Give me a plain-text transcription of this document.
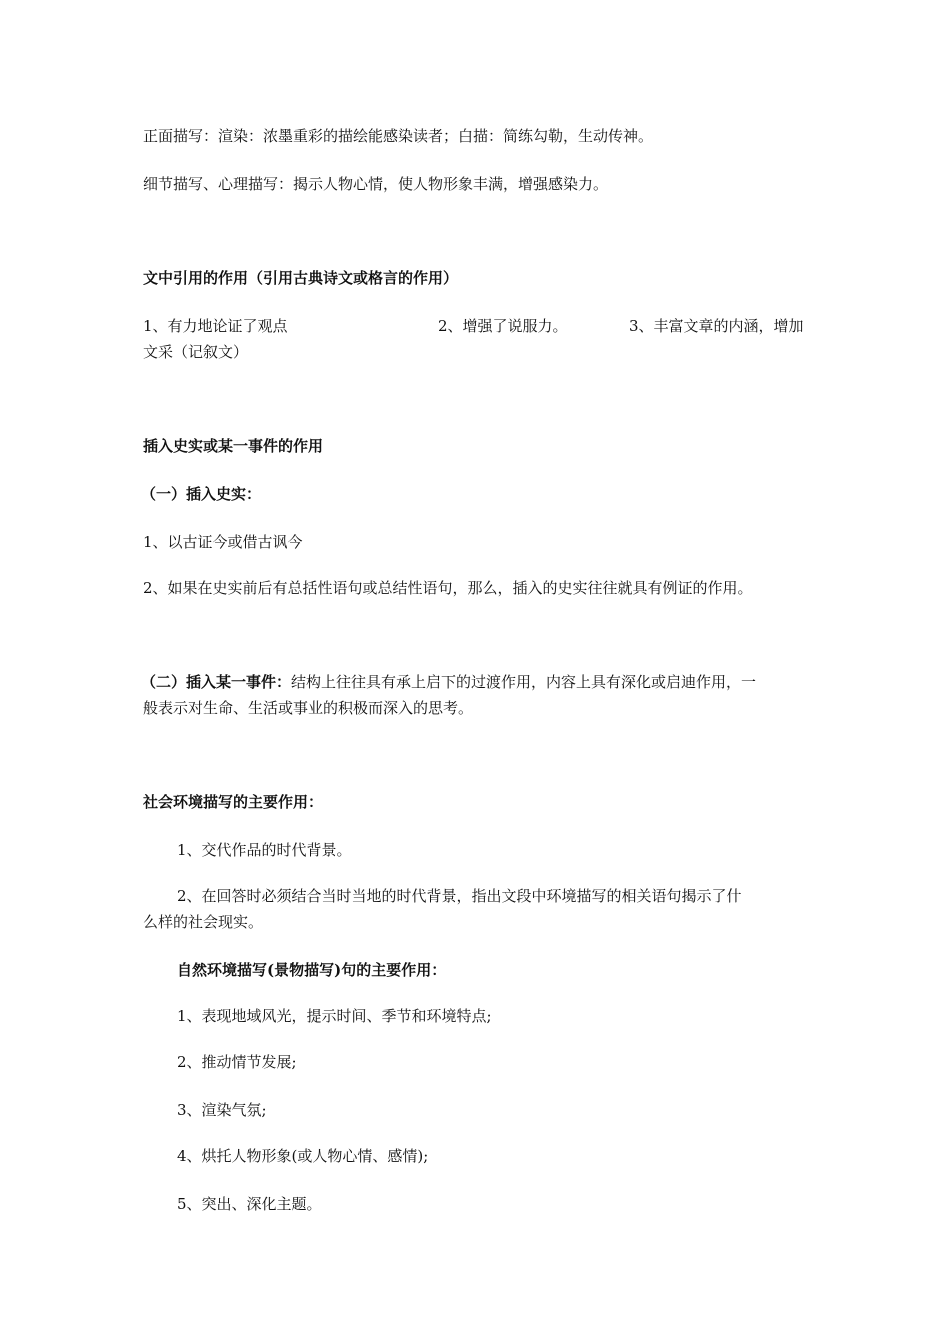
正面描写：渲染：浓墨重彩的描绘能感染读者；白描：简练勾勒，生动传神。
细节描写、心理描写：揭示人物心情，使人物形象丰满，增强感染力。
文中引用的作用（引用古典诗文或格言的作用）
1、有力地论证了观点	2、增强了说服力。	3、丰富文章的内涵，增加
文采（记叙文）
插入史实或某一事件的作用
（一）插入史实：
1、以古证今或借古讽今
2、如果在史实前后有总括性语句或总结性语句，那么，插入的史实往往就具有例证的作用。
（二）插入某一事件：结构上往往具有承上启下的过渡作用，内容上具有深化或启迪作用，一
般表示对生命、生活或事业的积极而深入的思考。
社会环境描写的主要作用：
1、交代作品的时代背景。
2、在回答时必须结合当时当地的时代背景，指出文段中环境描写的相关语句揭示了什
么样的社会现实。
自然环境描写(景物描写)句的主要作用：
1、表现地域风光，提示时间、季节和环境特点;
2、推动情节发展;
3、渲染气氛;
4、烘托人物形象(或人物心情、感情);
5、突出、深化主题。
